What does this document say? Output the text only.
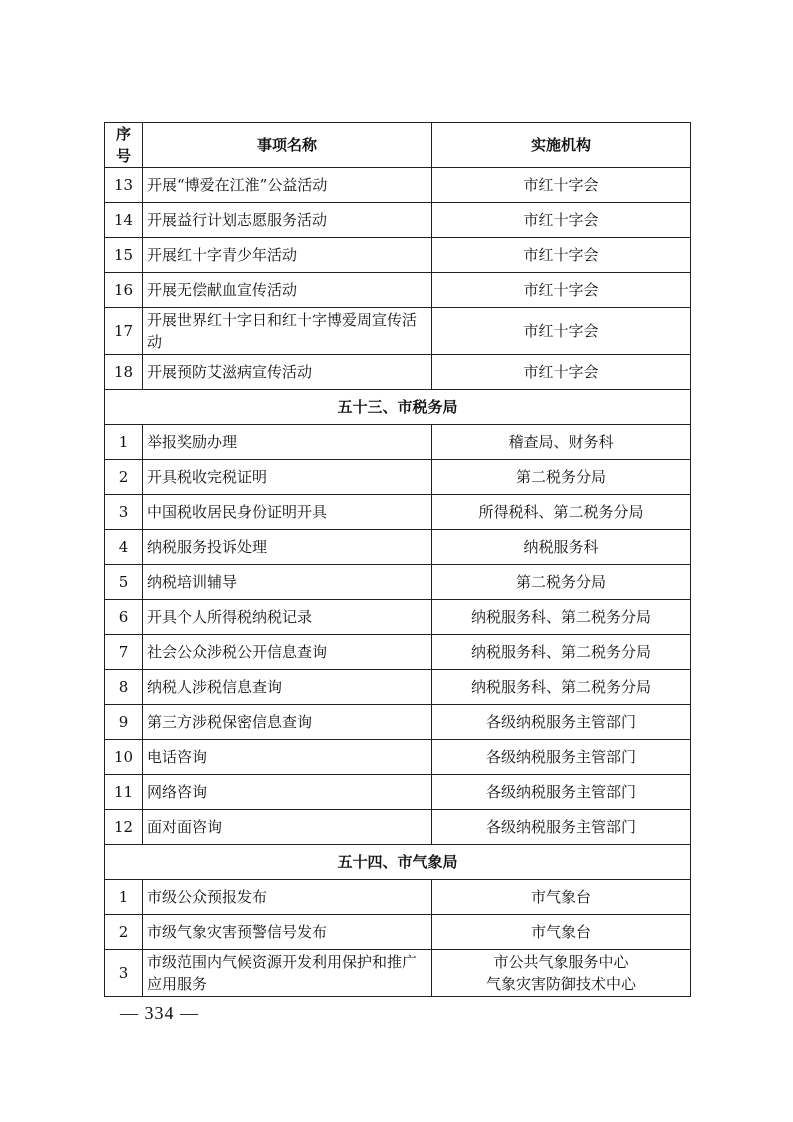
序号	事项名称	实施机构
13	开展“博爱在江淮”公益活动	市红十字会

14	开展益行计划志愿服务活动	市红十字会

15	开展红十字青少年活动	市红十字会

16	开展无偿献血宣传活动	市红十字会

17	开展世界红十字日和红十字博爱周宣传活动	市红十字会

18	开展预防艾滋病宣传活动	市红十字会

五十三、市税务局		
1	举报奖励办理	稽查局、财务科

2	开具税收完税证明	第二税务分局

3	中国税收居民身份证明开具	所得税科、第二税务分局

4	纳税服务投诉处理	纳税服务科

5	纳税培训辅导	第二税务分局

6	开具个人所得税纳税记录	纳税服务科、第二税务分局

7	社会公众涉税公开信息查询	纳税服务科、第二税务分局

8	纳税人涉税信息查询	纳税服务科、第二税务分局

9	第三方涉税保密信息查询	各级纳税服务主管部门

10	电话咨询	各级纳税服务主管部门

11	网络咨询	各级纳税服务主管部门

12	面对面咨询	各级纳税服务主管部门

五十四、市气象局		
1	市级公众预报发布	市气象台

2	市级气象灾害预警信号发布	市气象台

3	市级范围内气候资源开发利用保护和推广应用服务	市公共气象服务中心
气象灾害防御技术中心
— 334 —
